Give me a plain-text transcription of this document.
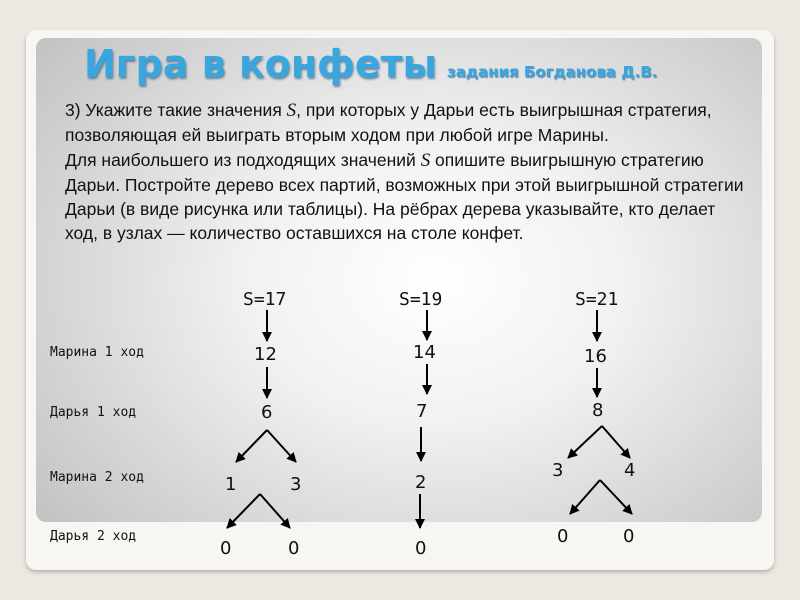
Игра в конфеты задания Богданова Д.В.

3) Укажите такие значения S, при которых у Дарьи есть выигрышная стратегия, позволяющая ей выиграть вторым ходом при любой игре Марины.

Для наибольшего из подходящих значений S опишите выигрышную стратегию Дарьи. Постройте дерево всех партий, возможных при этой выигрышной стратегии Дарьи (в виде рисунка или таблицы). На рёбрах дерева указывайте, кто делает ход, в узлах — количество оставшихся на столе конфет.

Марина 1 ход
Дарья 1 ход
Марина 2 ход
Дарья 2 ход
S=17
12
6
1	3
0	0
S=19
14
7
2
0
S=21
16
8
3	4
0	0
